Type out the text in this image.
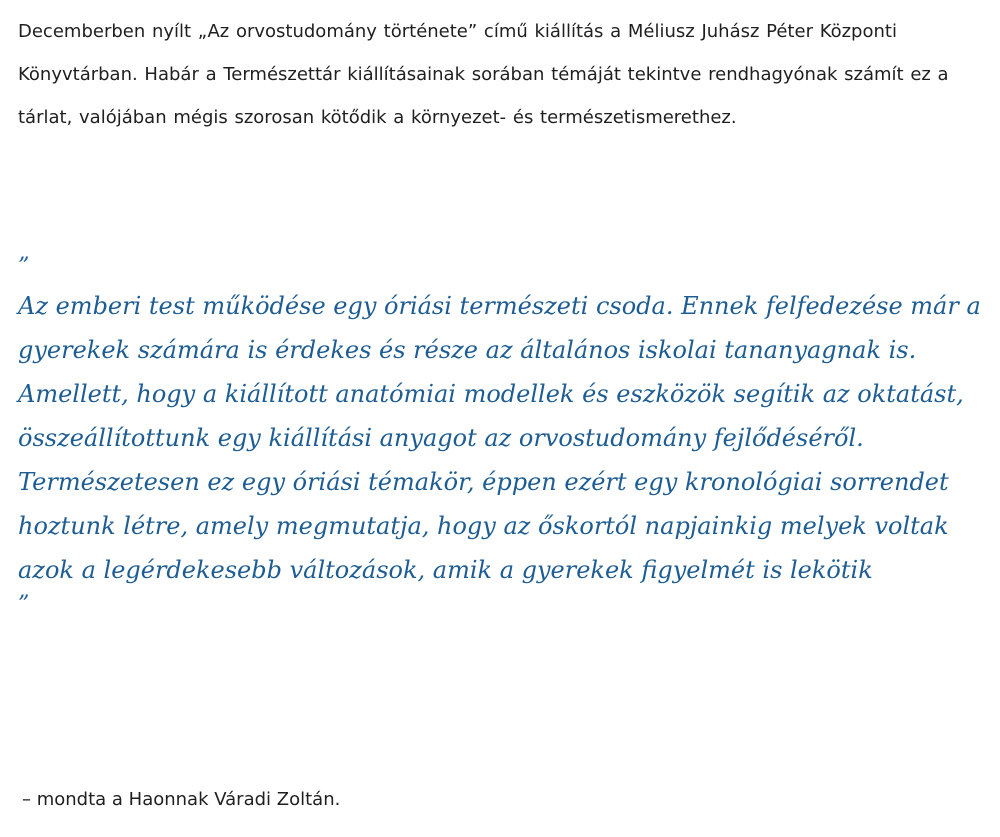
Decemberben nyílt „Az orvostudomány története” című kiállítás a Méliusz Juhász Péter Központi Könyvtárban. Habár a Természettár kiállításainak sorában témáját tekintve rendhagyónak számít ez a tárlat, valójában mégis szorosan kötődik a környezet- és természetismerethez.

”

Az emberi test működése egy óriási természeti csoda. Ennek felfedezése már a gyerekek számára is érdekes és része az általános iskolai tananyagnak is. Amellett, hogy a kiállított anatómiai modellek és eszközök segítik az oktatást, összeállítottunk egy kiállítási anyagot az orvostudomány fejlődéséről. Természetesen ez egy óriási témakör, éppen ezért egy kronológiai sorrendet hoztunk létre, amely megmutatja, hogy az őskortól napjainkig melyek voltak azok a legérdekesebb változások, amik a gyerekek figyelmét is lekötik

”

– mondta a Haonnak Váradi Zoltán.
